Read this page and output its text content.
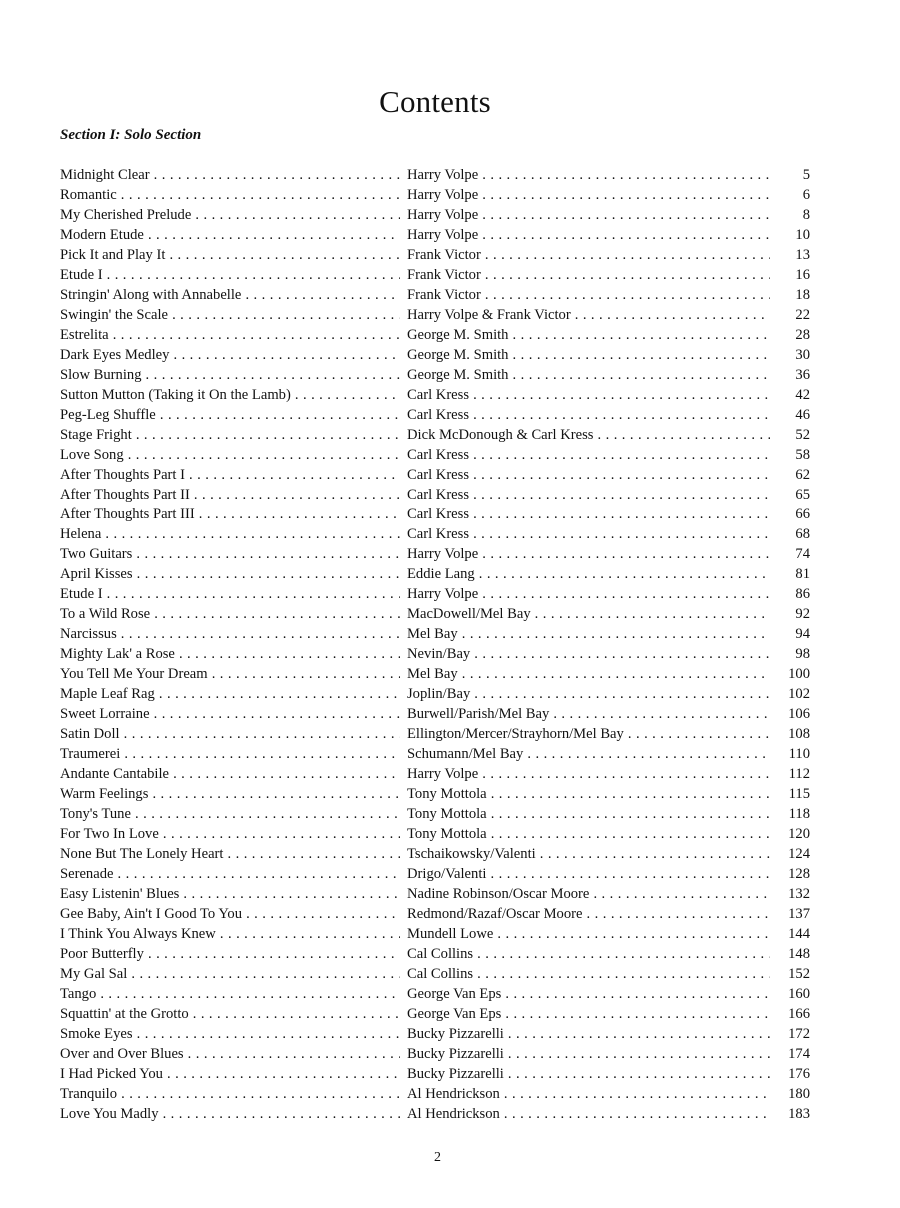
Contents
Section I: Solo Section
Midnight Clear . . .	Harry Volpe . . .	5
Romantic . . .	Harry Volpe . . .	6
My Cherished Prelude . . .	Harry Volpe . . .	8
Modern Etude . . .	Harry Volpe . . .	10
Pick It and Play It . . .	Frank Victor . . .	13
Etude I . . .	Frank Victor . . .	16
Stringin' Along with Annabelle . . .	Frank Victor . . .	18
Swingin' the Scale . . .	Harry Volpe & Frank Victor . . .	22
Estrelita . . .	George M. Smith . . .	28
Dark Eyes Medley . . .	George M. Smith . . .	30
Slow Burning . . .	George M. Smith . . .	36
Sutton Mutton (Taking it On the Lamb) . . .	Carl Kress . . .	42
Peg-Leg Shuffle . . .	Carl Kress . . .	46
Stage Fright . . .	Dick McDonough & Carl Kress . . .	52
Love Song . . .	Carl Kress . . .	58
After Thoughts Part I . . .	Carl Kress . . .	62
After Thoughts Part II . . .	Carl Kress . . .	65
After Thoughts Part III . . .	Carl Kress . . .	66
Helena . . .	Carl Kress . . .	68
Two Guitars . . .	Harry Volpe . . .	74
April Kisses . . .	Eddie Lang . . .	81
Etude I . . .	Harry Volpe . . .	86
To a Wild Rose . . .	MacDowell/Mel Bay . . .	92
Narcissus . . .	Mel Bay . . .	94
Mighty Lak' a Rose . . .	Nevin/Bay . . .	98
You Tell Me Your Dream . . .	Mel Bay . . .	100
Maple Leaf Rag . . .	Joplin/Bay . . .	102
Sweet Lorraine . . .	Burwell/Parish/Mel Bay . . .	106
Satin Doll . . .	Ellington/Mercer/Strayhorn/Mel Bay . . .	108
Traumerei . . .	Schumann/Mel Bay . . .	110
Andante Cantabile . . .	Harry Volpe . . .	112
Warm Feelings . . .	Tony Mottola . . .	115
Tony's Tune . . .	Tony Mottola . . .	118
For Two In Love . . .	Tony Mottola . . .	120
None But The Lonely Heart . . .	Tschaikowsky/Valenti . . .	124
Serenade . . .	Drigo/Valenti . . .	128
Easy Listenin' Blues . . .	Nadine Robinson/Oscar Moore . . .	132
Gee Baby, Ain't I Good To You . . .	Redmond/Razaf/Oscar Moore . . .	137
I Think You Always Knew . . .	Mundell Lowe . . .	144
Poor Butterfly . . .	Cal Collins . . .	148
My Gal Sal . . .	Cal Collins . . .	152
Tango . . .	George Van Eps . . .	160
Squattin' at the Grotto . . .	George Van Eps . . .	166
Smoke Eyes . . .	Bucky Pizzarelli . . .	172
Over and Over Blues . . .	Bucky Pizzarelli . . .	174
I Had Picked You . . .	Bucky Pizzarelli . . .	176
Tranquilo . . .	Al Hendrickson . . .	180
Love You Madly . . .	Al Hendrickson . . .	183
2
